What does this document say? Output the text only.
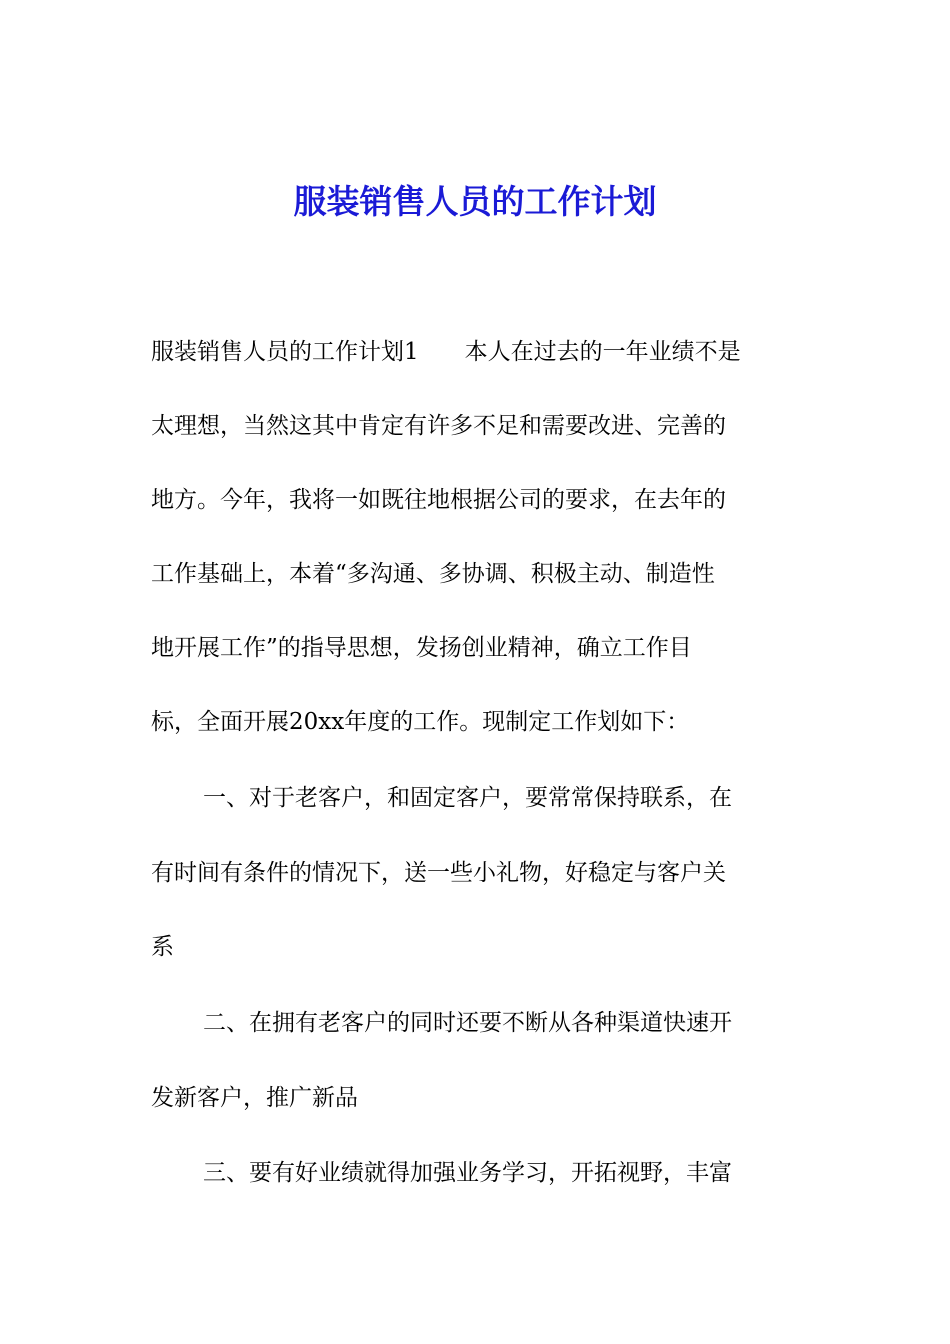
服装销售人员的工作计划
服装销售人员的工作计划1　　本人在过去的一年业绩不是
太理想，当然这其中肯定有许多不足和需要改进、完善的
地方。今年，我将一如既往地根据公司的要求，在去年的
工作基础上，本着“多沟通、多协调、积极主动、制造性
地开展工作”的指导思想，发扬创业精神，确立工作目
标，全面开展20xx年度的工作。现制定工作划如下：
一、对于老客户，和固定客户，要常常保持联系，在
有时间有条件的情况下，送一些小礼物，好稳定与客户关
系
二、在拥有老客户的同时还要不断从各种渠道快速开
发新客户，推广新品
三、要有好业绩就得加强业务学习，开拓视野，丰富
